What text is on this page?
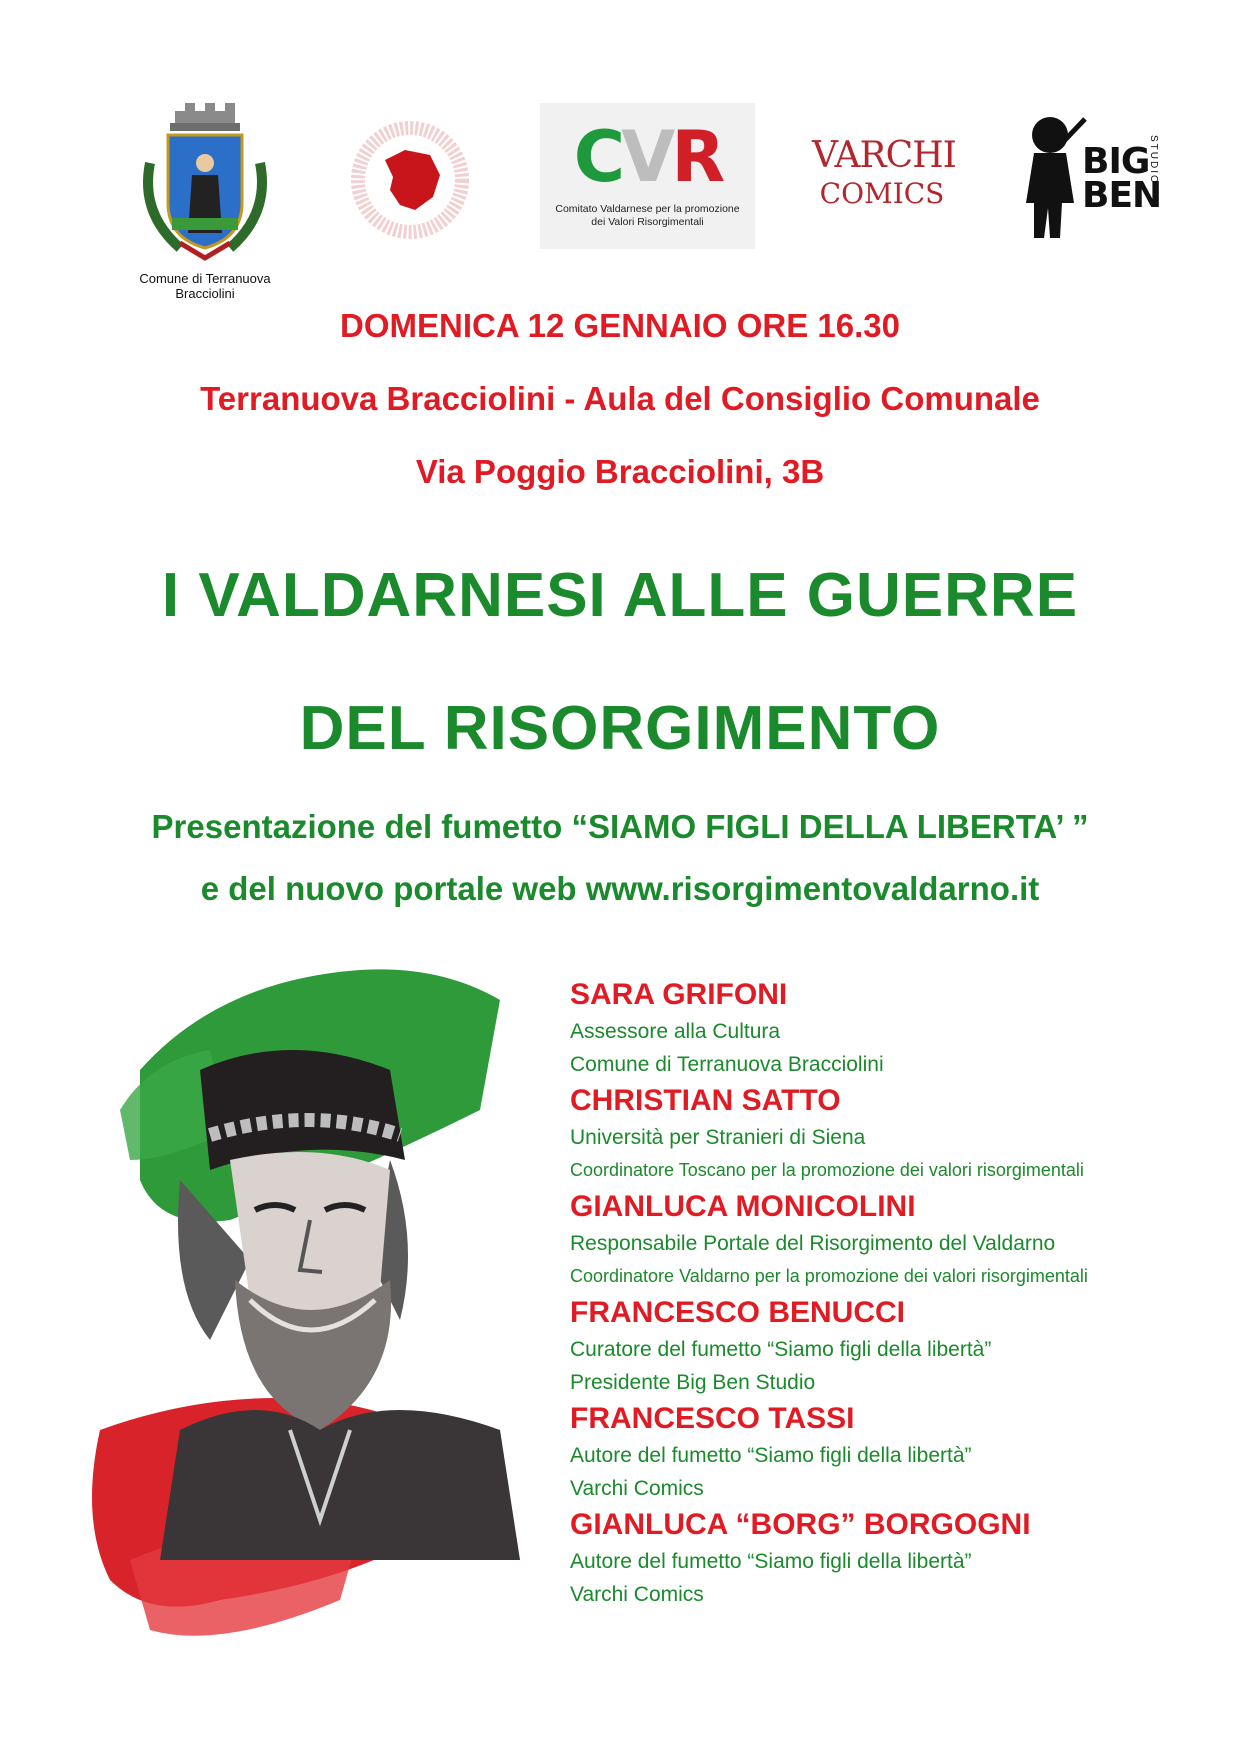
Comune di Terranuova Bracciolini
CVR
Comitato Valdarnese per la promozione dei Valori Risorgimentali
VARCHI
COMICS
BIG
BEN
STUDIO
DOMENICA 12 GENNAIO ORE 16.30
Terranuova Bracciolini - Aula del Consiglio Comunale
Via Poggio Bracciolini, 3B
I VALDARNESI ALLE GUERRE
DEL RISORGIMENTO
Presentazione del fumetto “SIAMO FIGLI DELLA LIBERTA’ ”
e del nuovo portale web www.risorgimentovaldarno.it
SARA GRIFONI
Assessore alla Cultura
Comune di Terranuova Bracciolini
CHRISTIAN SATTO
Università per Stranieri di Siena
Coordinatore Toscano per la promozione dei valori risorgimentali
GIANLUCA MONICOLINI
Responsabile Portale del Risorgimento del Valdarno
Coordinatore Valdarno per la promozione dei valori risorgimentali
FRANCESCO BENUCCI
Curatore del fumetto “Siamo figli della libertà”
Presidente Big Ben Studio
FRANCESCO TASSI
Autore del fumetto “Siamo figli della libertà”
Varchi Comics
GIANLUCA “BORG” BORGOGNI
Autore del fumetto “Siamo figli della libertà”
Varchi Comics
